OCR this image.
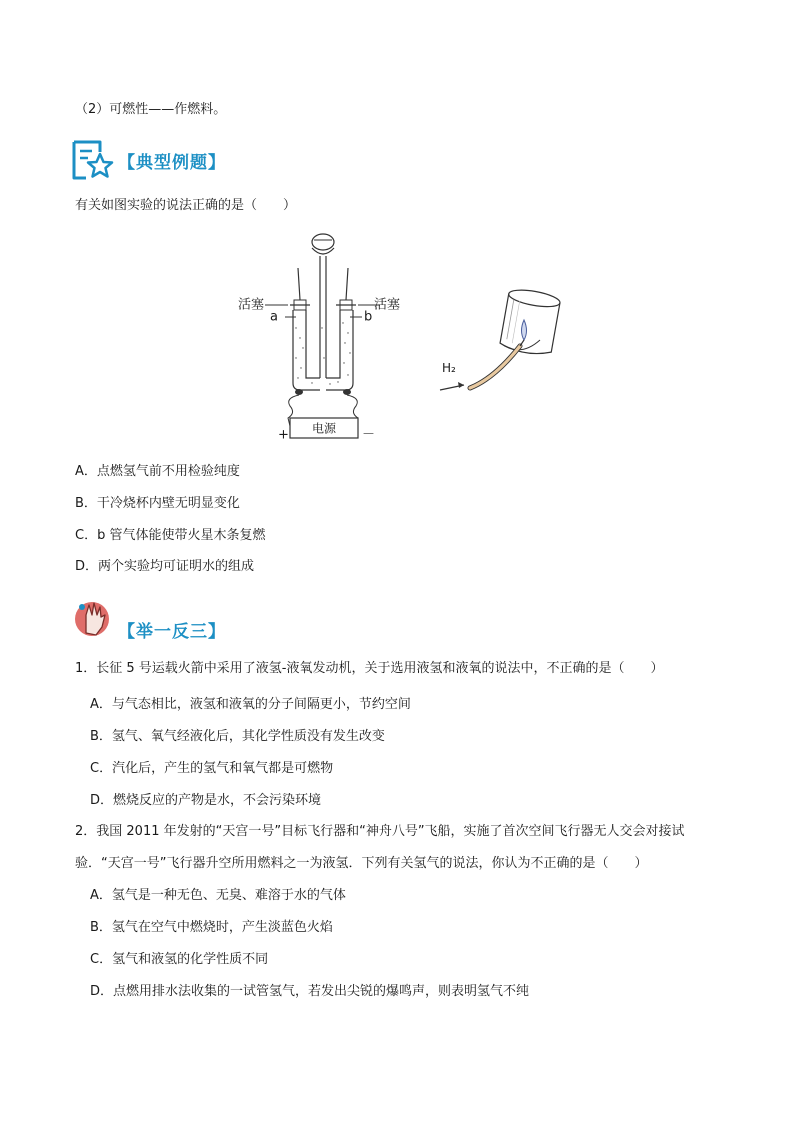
（2）可燃性——作燃料。
【典型例题】
有关如图实验的说法正确的是（　　）
活塞	活塞
a	b
电源
+	－
H₂
A．点燃氢气前不用检验纯度
B．干冷烧杯内壁无明显变化
C．b 管气体能使带火星木条复燃
D．两个实验均可证明水的组成
【举一反三】
1．长征 5 号运载火箭中采用了液氢-液氧发动机，关于选用液氢和液氧的说法中，不正确的是（　　）
A．与气态相比，液氢和液氧的分子间隔更小，节约空间
B．氢气、氧气经液化后，其化学性质没有发生改变
C．汽化后，产生的氢气和氧气都是可燃物
D．燃烧反应的产物是水，不会污染环境
2．我国 2011 年发射的“天宫一号”目标飞行器和“神舟八号”飞船，实施了首次空间飞行器无人交会对接试
验．“天宫一号”飞行器升空所用燃料之一为液氢．下列有关氢气的说法，你认为不正确的是（　　）
A．氢气是一种无色、无臭、难溶于水的气体
B．氢气在空气中燃烧时，产生淡蓝色火焰
C．氢气和液氢的化学性质不同
D．点燃用排水法收集的一试管氢气，若发出尖锐的爆鸣声，则表明氢气不纯
